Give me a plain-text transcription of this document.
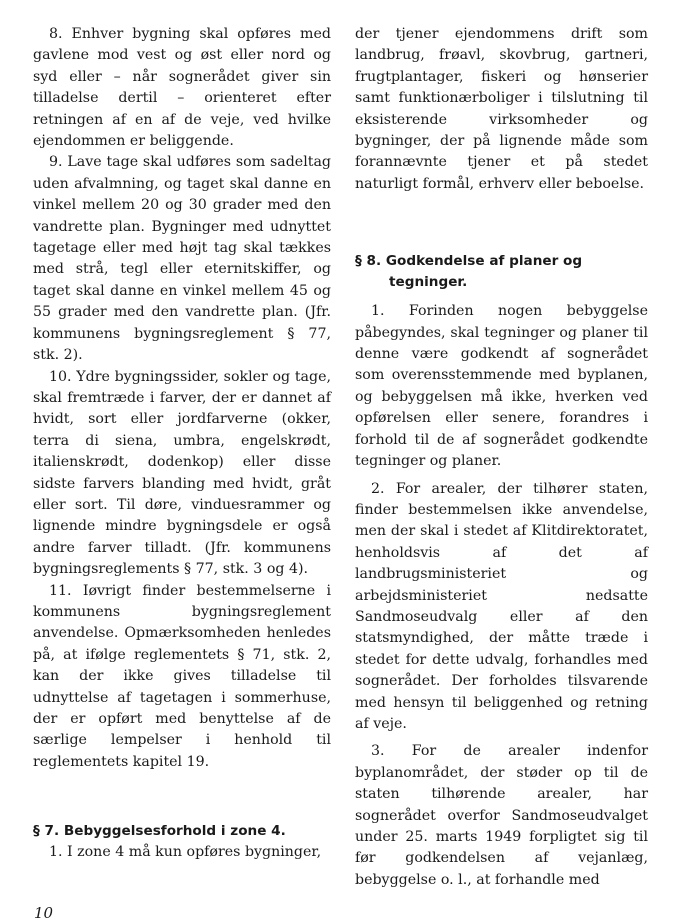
8. Enhver bygning skal opføres med gavlene mod vest og øst eller nord og syd eller – når sognerådet giver sin tilladelse dertil – orienteret efter retningen af en af de veje, ved hvilke ejendommen er beliggende.

9. Lave tage skal udføres som sadeltag uden afvalmning, og taget skal danne en vinkel mellem 20 og 30 grader med den vandrette plan. Bygninger med udnyttet tagetage eller med højt tag skal tækkes med strå, tegl eller eternitskiffer, og taget skal danne en vinkel mellem 45 og 55 grader med den vandrette plan. (Jfr. kommunens bygningsreglement § 77, stk. 2).

10. Ydre bygningssider, sokler og tage, skal fremtræde i farver, der er dannet af hvidt, sort eller jordfarverne (okker, terra di siena, umbra, engelskrødt, italienskrødt, dodenkop) eller disse sidste farvers blanding med hvidt, gråt eller sort. Til døre, vinduesrammer og lignende mindre bygningsdele er også andre farver tilladt. (Jfr. kommunens bygningsreglements § 77, stk. 3 og 4).

11. Iøvrigt finder bestemmelserne i kommunens bygningsreglement anvendelse. Opmærksomheden henledes på, at ifølge reglementets § 71, stk. 2, kan der ikke gives tilladelse til udnyttelse af tagetagen i sommerhuse, der er opført med benyttelse af de særlige lempelser i henhold til reglementets kapitel 19.

§ 7. Bebyggelsesforhold i zone 4.

1. I zone 4 må kun opføres bygninger,

der tjener ejendommens drift som landbrug, frøavl, skovbrug, gartneri, frugtplantager, fiskeri og hønserier samt funktionærboliger i tilslutning til eksisterende virksomheder og bygninger, der på lignende måde som forannævnte tjener et på stedet naturligt formål, erhverv eller beboelse.

§ 8. Godkendelse af planer og tegninger.

1. Forinden nogen bebyggelse påbegyndes, skal tegninger og planer til denne være godkendt af sognerådet som overensstemmende med byplanen, og bebyggelsen må ikke, hverken ved opførelsen eller senere, forandres i forhold til de af sognerådet godkendte tegninger og planer.

2. For arealer, der tilhører staten, finder bestemmelsen ikke anvendelse, men der skal i stedet af Klitdirektoratet, henholdsvis af det af landbrugsministeriet og arbejdsministeriet nedsatte Sandmoseudvalg eller af den statsmyndighed, der måtte træde i stedet for dette udvalg, forhandles med sognerådet. Der forholdes tilsvarende med hensyn til beliggenhed og retning af veje.

3. For de arealer indenfor byplanområdet, der støder op til de staten tilhørende arealer, har sognerådet overfor Sandmoseudvalget under 25. marts 1949 forpligtet sig til før godkendelsen af vejanlæg, bebyggelse o. l., at forhandle med

10
